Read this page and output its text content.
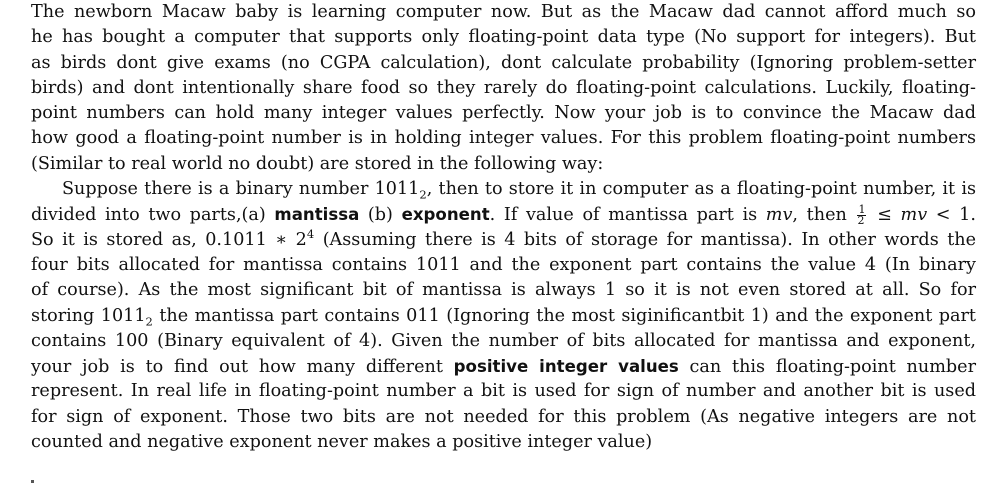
The newborn Macaw baby is learning computer now. But as the Macaw dad cannot afford much so
he has bought a computer that supports only floating-point data type (No support for integers). But
as birds dont give exams (no CGPA calculation), dont calculate probability (Ignoring problem-setter
birds) and dont intentionally share food so they rarely do floating-point calculations. Luckily, floating-
point numbers can hold many integer values perfectly. Now your job is to convince the Macaw dad
how good a floating-point number is in holding integer values. For this problem floating-point numbers
(Similar to real world no doubt) are stored in the following way:
Suppose there is a binary number $1011_2$, then to store it in computer as a floating-point number, it is
divided into two parts,(a) mantissa (b) exponent. If value of mantissa part is mv, then $\frac{1}{2}$ ≤ mv < 1.
So it is stored as, 0.1011 ∗ $2^4$ (Assuming there is 4 bits of storage for mantissa). In other words the
four bits allocated for mantissa contains 1011 and the exponent part contains the value 4 (In binary
of course). As the most significant bit of mantissa is always 1 so it is not even stored at all. So for
storing $1011_2$ the mantissa part contains 011 (Ignoring the most siginificantbit 1) and the exponent part
contains 100 (Binary equivalent of 4). Given the number of bits allocated for mantissa and exponent,
your job is to find out how many different positive integer values can this floating-point number
represent. In real life in floating-point number a bit is used for sign of number and another bit is used
for sign of exponent. Those two bits are not needed for this problem (As negative integers are not
counted and negative exponent never makes a positive integer value)
